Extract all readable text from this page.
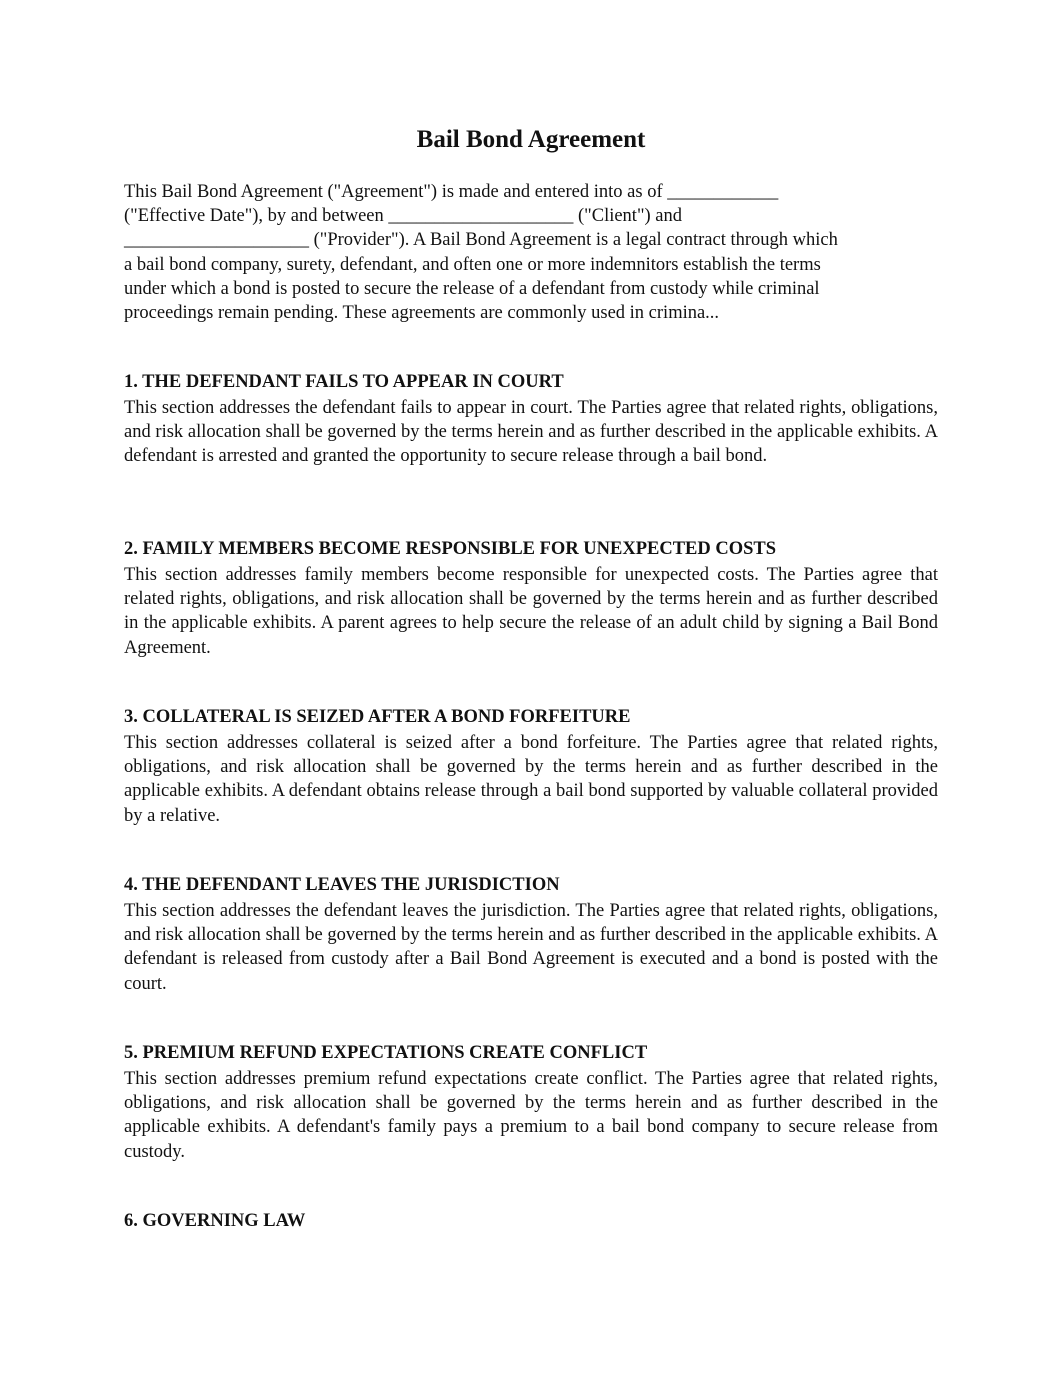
Bail Bond Agreement

This Bail Bond Agreement ("Agreement") is made and entered into as of ____________
("Effective Date"), by and between ____________________ ("Client") and
____________________ ("Provider"). A Bail Bond Agreement is a legal contract through which
a bail bond company, surety, defendant, and often one or more indemnitors establish the terms
under which a bond is posted to secure the release of a defendant from custody while criminal
proceedings remain pending. These agreements are commonly used in crimina...

1. THE DEFENDANT FAILS TO APPEAR IN COURT

This section addresses the defendant fails to appear in court. The Parties agree that related rights, obligations, and risk allocation shall be governed by the terms herein and as further described in the applicable exhibits. A defendant is arrested and granted the opportunity to secure release through a bail bond.

2. FAMILY MEMBERS BECOME RESPONSIBLE FOR UNEXPECTED COSTS

This section addresses family members become responsible for unexpected costs. The Parties agree that related rights, obligations, and risk allocation shall be governed by the terms herein and as further described in the applicable exhibits. A parent agrees to help secure the release of an adult child by signing a Bail Bond Agreement.

3. COLLATERAL IS SEIZED AFTER A BOND FORFEITURE

This section addresses collateral is seized after a bond forfeiture. The Parties agree that related rights, obligations, and risk allocation shall be governed by the terms herein and as further described in the applicable exhibits. A defendant obtains release through a bail bond supported by valuable collateral provided by a relative.

4. THE DEFENDANT LEAVES THE JURISDICTION

This section addresses the defendant leaves the jurisdiction. The Parties agree that related rights, obligations, and risk allocation shall be governed by the terms herein and as further described in the applicable exhibits. A defendant is released from custody after a Bail Bond Agreement is executed and a bond is posted with the court.

5. PREMIUM REFUND EXPECTATIONS CREATE CONFLICT

This section addresses premium refund expectations create conflict. The Parties agree that related rights, obligations, and risk allocation shall be governed by the terms herein and as further described in the applicable exhibits. A defendant's family pays a premium to a bail bond company to secure release from custody.

6. GOVERNING LAW
